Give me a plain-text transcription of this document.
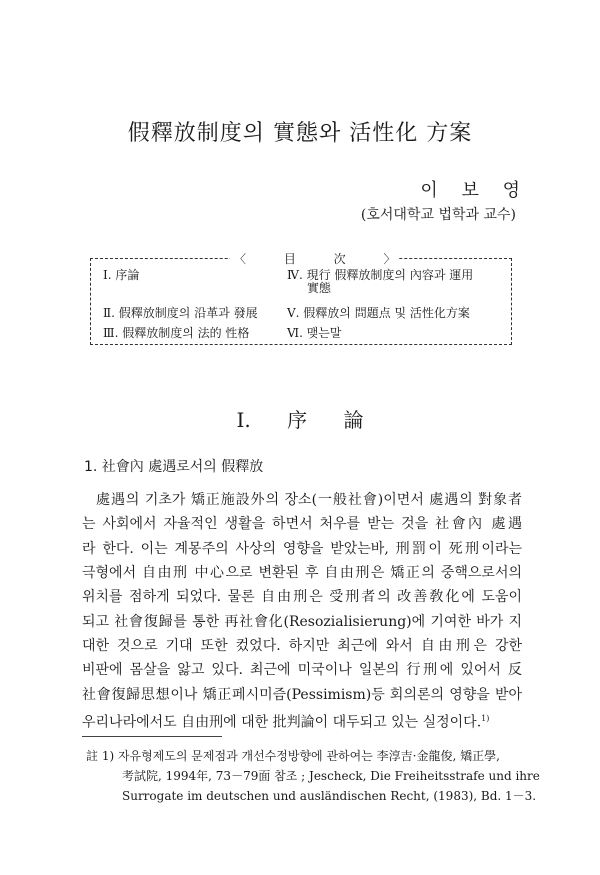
假釋放制度의 實態와 活性化 方案
이 보 영
(호서대학교 법학과 교수)
Ⅰ. 序論
Ⅱ. 假釋放制度의 沿革과 發展
Ⅲ. 假釋放制度의 法的 性格
Ⅳ. 現行 假釋放制度의 內容과 運用
實態
Ⅴ. 假釋放의 問題点 및 活性化方案
Ⅵ. 맺는말
〈 目 次 〉
Ⅰ. 序 論
1. 社會內 處遇로서의 假釋放
處遇의 기초가 矯正施設外의 장소(一般社會)이면서 處遇의 對象者
는 사회에서 자율적인 생활을 하면서 처우를 받는 것을 社會內 處遇
라 한다. 이는 계몽주의 사상의 영향을 받았는바, 刑罰이 死刑이라는
극형에서 自由刑 中心으로 변환된 후 自由刑은 矯正의 중핵으로서의
위치를 점하게 되었다. 물론 自由刑은 受刑者의 改善敎化에 도움이
되고 社會復歸를 통한 再社會化(Resozialisierung)에 기여한 바가 지
대한 것으로 기대 또한 컸었다. 하지만 최근에 와서 自由刑은 강한
비판에 몸살을 앓고 있다. 최근에 미국이나 일본의 行刑에 있어서 反
社會復歸思想이나 矯正페시미즘(Pessimism)등 회의론의 영향을 받아
우리나라에서도 自由刑에 대한 批判論이 대두되고 있는 실정이다.$^{1)}$
註 1) 자유형제도의 문제점과 개선수정방향에 관하여는 李淳吉·金龍俊, 矯正學,
考試院, 1994年, 73－79面 참조 ; Jescheck, Die Freiheitsstrafe und ihre
Surrogate im deutschen und ausländischen Recht, (1983), Bd. 1－3.
